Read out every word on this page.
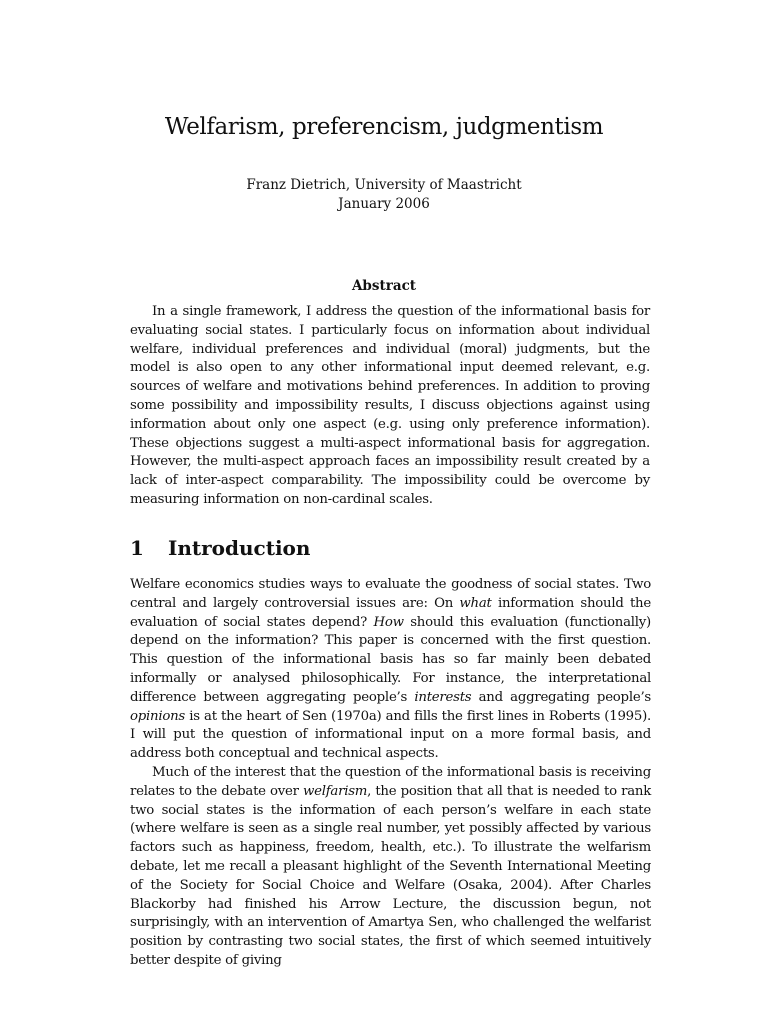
Welfarism, preferencism, judgmentism
Franz Dietrich, University of Maastricht
January 2006
Abstract

In a single framework, I address the question of the informational basis for evaluating social states. I particularly focus on information about individual welfare, individual preferences and individual (moral) judgments, but the model is also open to any other informational input deemed relevant, e.g. sources of welfare and motivations behind preferences. In addition to proving some possibility and impossibility results, I discuss objections against using information about only one aspect (e.g. using only preference information). These objections suggest a multi-aspect informational basis for aggregation. However, the multi-aspect approach faces an impossibility result created by a lack of inter-aspect comparability. The impossibility could be overcome by measuring information on non-cardinal scales.

1 Introduction

Welfare economics studies ways to evaluate the goodness of social states. Two central and largely controversial issues are: On what information should the evaluation of social states depend? How should this evaluation (functionally) depend on the information? This paper is concerned with the first question. This question of the informational basis has so far mainly been debated informally or analysed philosophically. For instance, the interpretational difference between aggregating people’s interests and aggregating people’s opinions is at the heart of Sen (1970a) and fills the first lines in Roberts (1995). I will put the question of informational input on a more formal basis, and address both conceptual and technical aspects.

Much of the interest that the question of the informational basis is receiving relates to the debate over welfarism, the position that all that is needed to rank two social states is the information of each person’s welfare in each state (where welfare is seen as a single real number, yet possibly affected by various factors such as happiness, freedom, health, etc.). To illustrate the welfarism debate, let me recall a pleasant highlight of the Seventh International Meeting of the Society for Social Choice and Welfare (Osaka, 2004). After Charles Blackorby had finished his Arrow Lecture, the discussion begun, not surprisingly, with an intervention of Amartya Sen, who challenged the welfarist position by contrasting two social states, the first of which seemed intuitively better despite of giving
